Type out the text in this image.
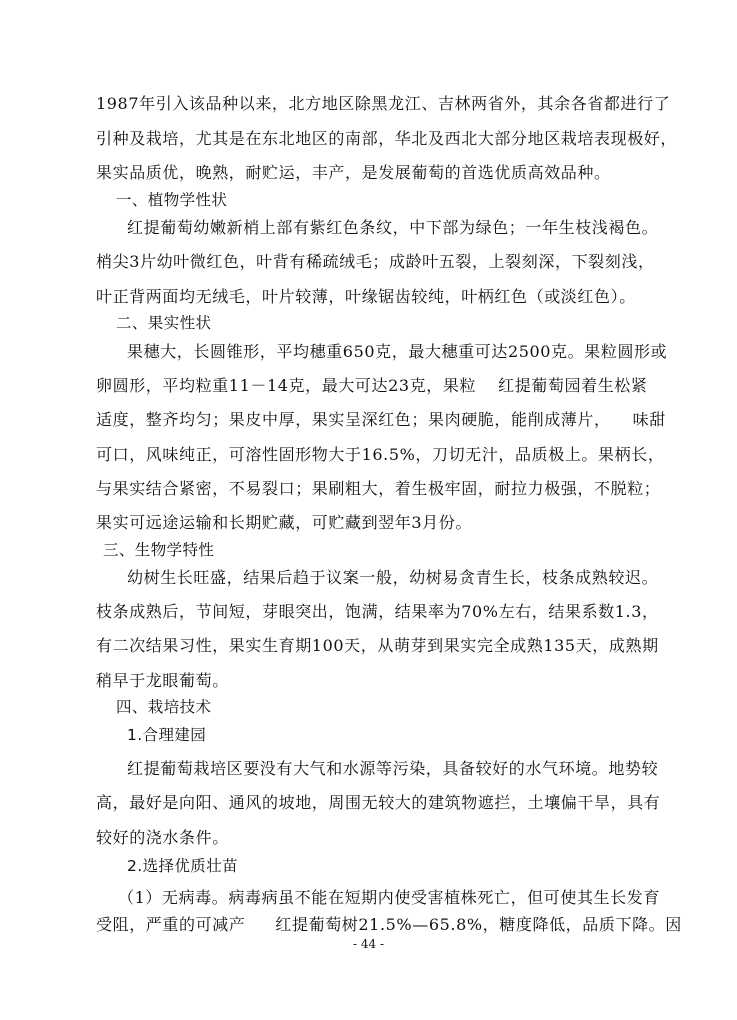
1987年引入该品种以来，北方地区除黑龙江、吉林两省外，其余各省都进行了
引种及栽培，尤其是在东北地区的南部，华北及西北大部分地区栽培表现极好，
果实品质优，晚熟，耐贮运，丰产，是发展葡萄的首选优质高效品种。
一、植物学性状
红提葡萄幼嫩新梢上部有紫红色条纹，中下部为绿色；一年生枝浅褐色。
梢尖3片幼叶微红色，叶背有稀疏绒毛；成龄叶五裂，上裂刻深，下裂刻浅，
叶正背两面均无绒毛，叶片较薄，叶缘锯齿较纯，叶柄红色（或淡红色）。
二、果实性状
果穗大，长圆锥形，平均穗重650克，最大穗重可达2500克。果粒圆形或
卵圆形，平均粒重11－14克，最大可达23克，果粒 红提葡萄园着生松紧
适度，整齐均匀；果皮中厚，果实呈深红色；果肉硬脆，能削成薄片， 味甜
可口，风味纯正，可溶性固形物大于16.5%，刀切无汁，品质极上。果柄长，
与果实结合紧密，不易裂口；果刷粗大，着生极牢固，耐拉力极强，不脱粒；
果实可远途运输和长期贮藏，可贮藏到翌年3月份。
三、生物学特性
幼树生长旺盛，结果后趋于议案一般，幼树易贪青生长，枝条成熟较迟。
枝条成熟后，节间短，芽眼突出，饱满，结果率为70%左右，结果系数1.3，
有二次结果习性，果实生育期100天，从萌芽到果实完全成熟135天，成熟期
稍早于龙眼葡萄。
四、栽培技术
1.合理建园
红提葡萄栽培区要没有大气和水源等污染，具备较好的水气环境。地势较
高，最好是向阳、通风的坡地，周围无较大的建筑物遮拦，土壤偏干旱，具有
较好的浇水条件。
2.选择优质壮苗
（1）无病毒。病毒病虽不能在短期内使受害植株死亡，但可使其生长发育
受阻，严重的可减产 红提葡萄树21.5%—65.8%，糖度降低，品质下降。因
- 44 -
